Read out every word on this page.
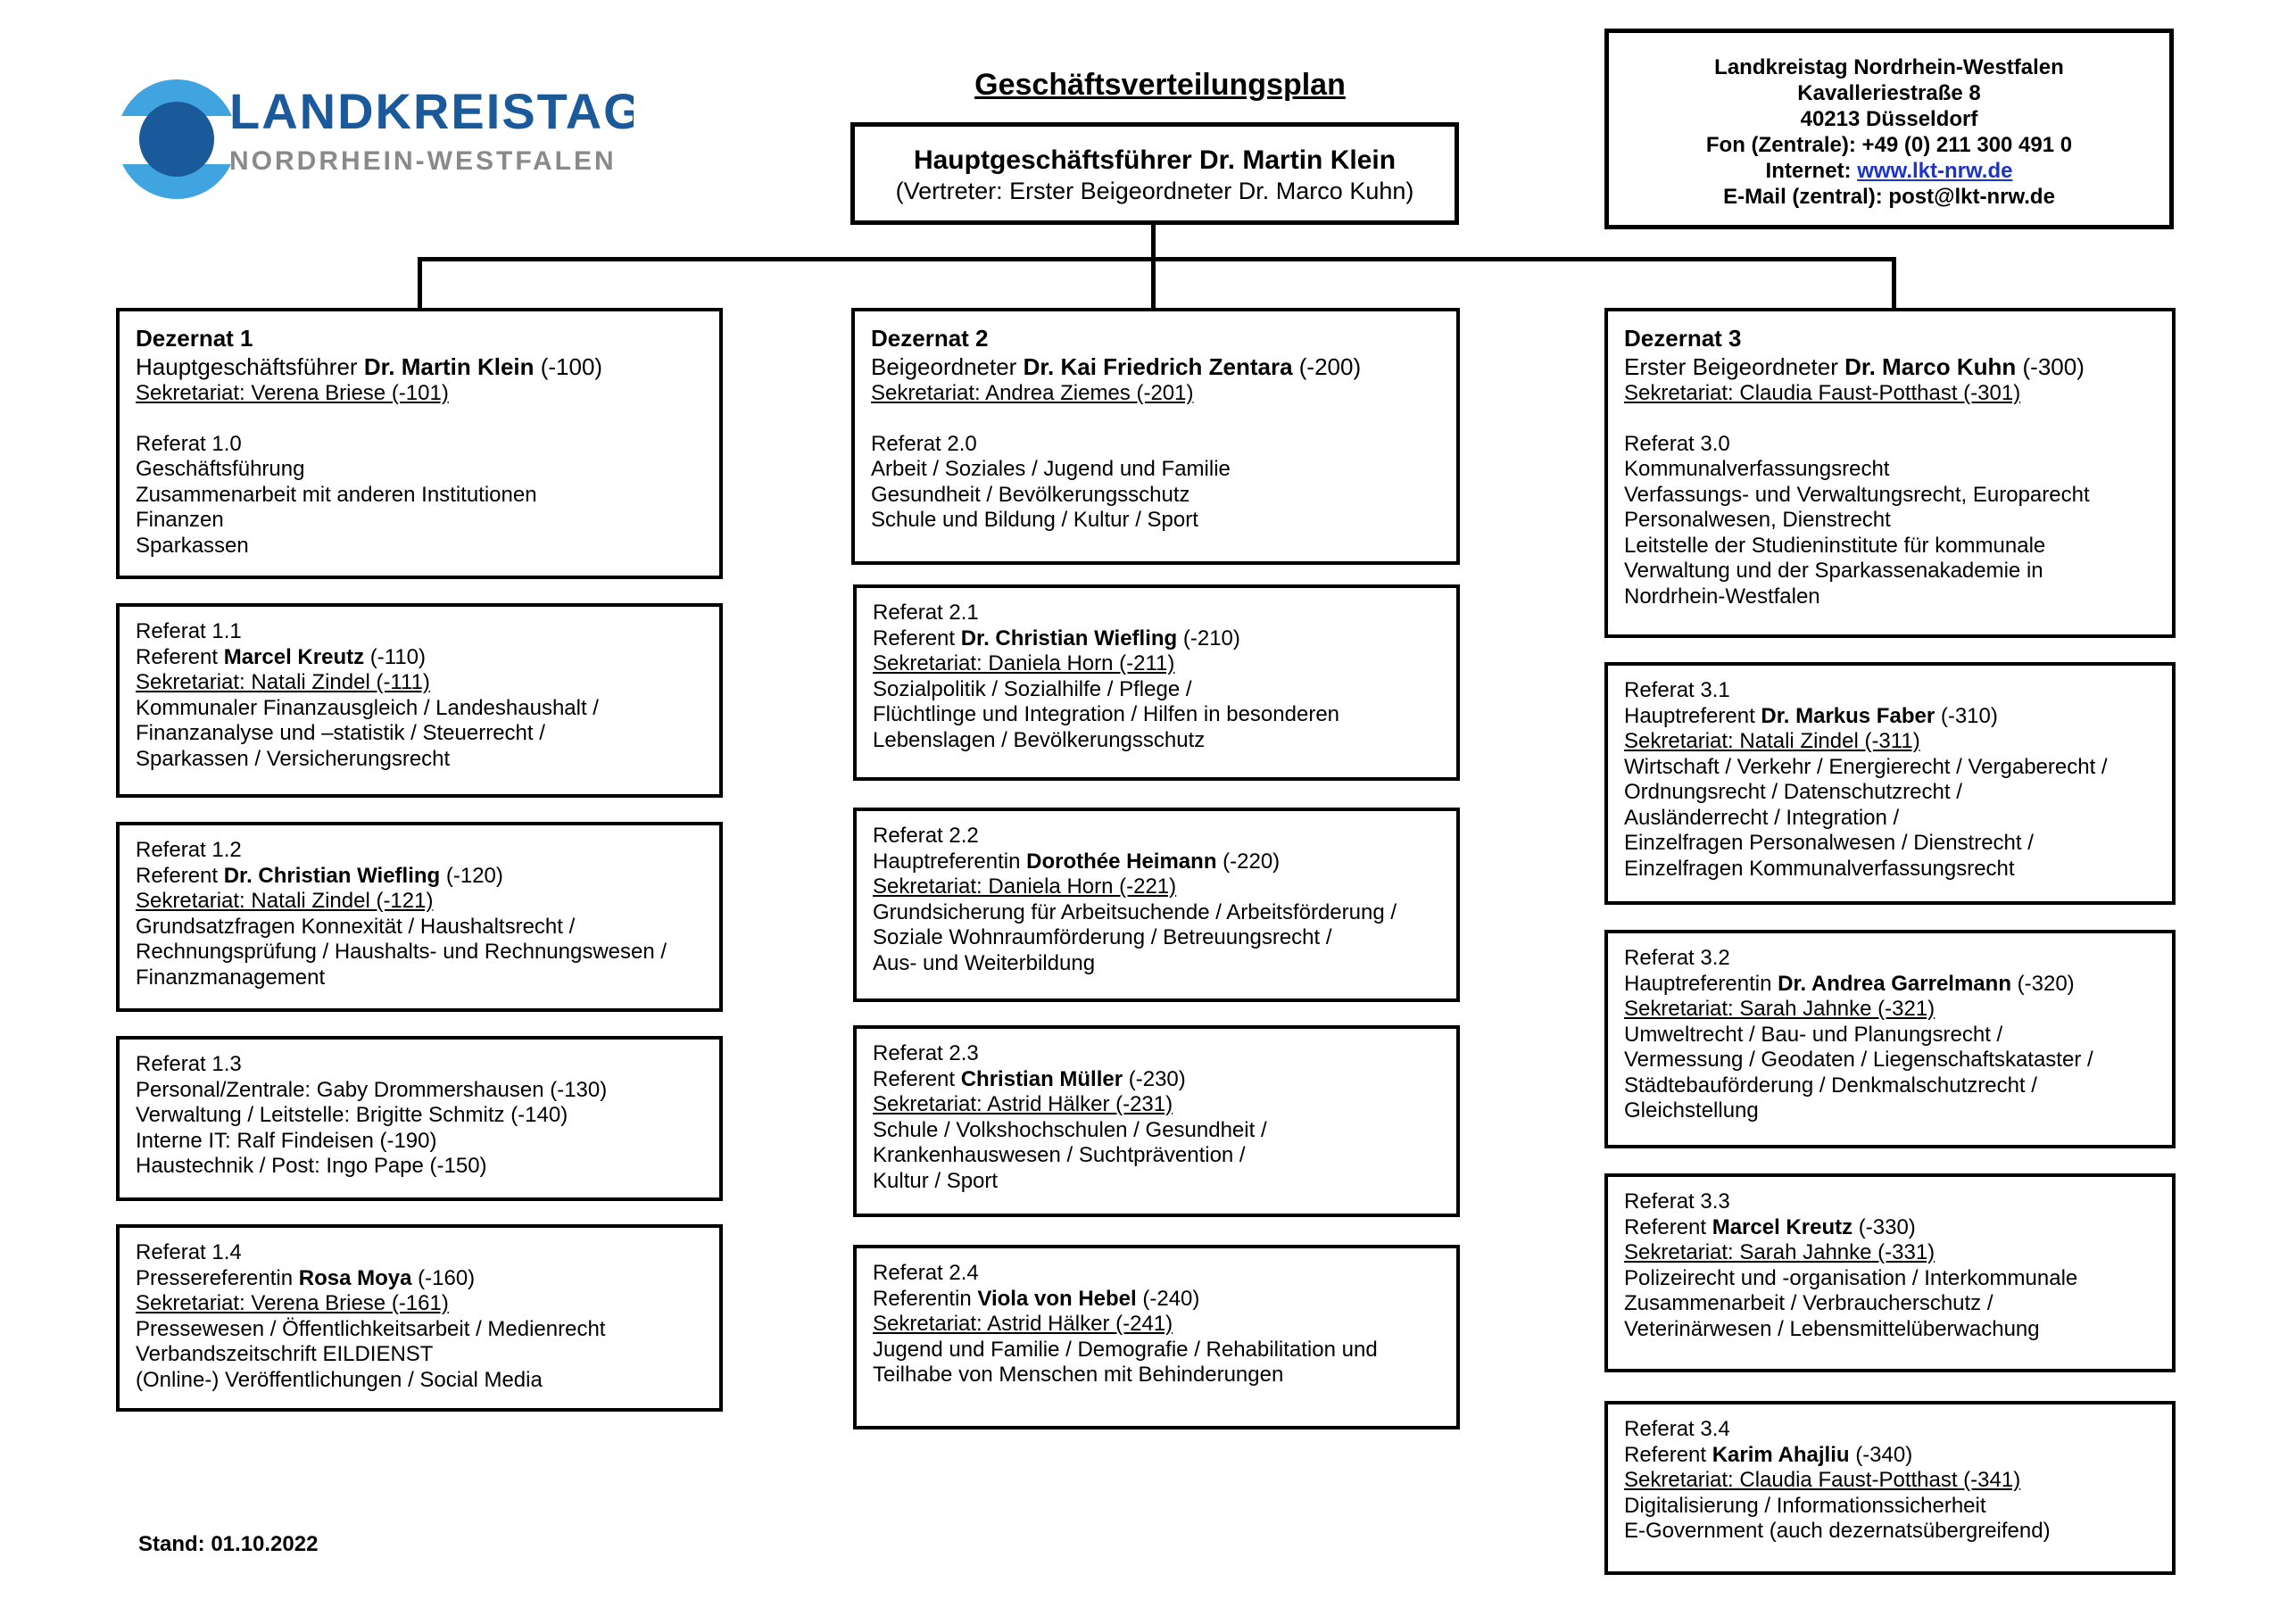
LANDKREISTAG
NORDRHEIN-WESTFALEN
Geschäftsverteilungsplan
Hauptgeschäftsführer Dr. Martin Klein
(Vertreter: Erster Beigeordneter Dr. Marco Kuhn)
Landkreistag Nordrhein-Westfalen
Kavalleriestraße 8
40213 Düsseldorf
Fon (Zentrale): +49 (0) 211 300 491 0
Internet: www.lkt-nrw.de
E-Mail (zentral): post@lkt-nrw.de
Dezernat 1
Hauptgeschäftsführer Dr. Martin Klein (-100)
Sekretariat: Verena Briese (-101)
Referat 1.0
Geschäftsführung
Zusammenarbeit mit anderen Institutionen
Finanzen
Sparkassen
Dezernat 2
Beigeordneter Dr. Kai Friedrich Zentara (-200)
Sekretariat: Andrea Ziemes (-201)
Referat 2.0
Arbeit / Soziales / Jugend und Familie
Gesundheit / Bevölkerungsschutz
Schule und Bildung / Kultur / Sport
Dezernat 3
Erster Beigeordneter Dr. Marco Kuhn (-300)
Sekretariat: Claudia Faust-Potthast (-301)
Referat 3.0
Kommunalverfassungsrecht
Verfassungs- und Verwaltungsrecht, Europarecht
Personalwesen, Dienstrecht
Leitstelle der Studieninstitute für kommunale
Verwaltung und der Sparkassenakademie in
Nordrhein-Westfalen
Referat 1.1
Referent Marcel Kreutz (-110)
Sekretariat: Natali Zindel (-111)
Kommunaler Finanzausgleich / Landeshaushalt /
Finanzanalyse und –statistik / Steuerrecht /
Sparkassen / Versicherungsrecht
Referat 1.2
Referent Dr. Christian Wiefling (-120)
Sekretariat: Natali Zindel (-121)
Grundsatzfragen Konnexität / Haushaltsrecht /
Rechnungsprüfung / Haushalts- und Rechnungswesen /
Finanzmanagement
Referat 1.3
Personal/Zentrale: Gaby Drommershausen (-130)
Verwaltung / Leitstelle: Brigitte Schmitz (-140)
Interne IT: Ralf Findeisen (-190)
Haustechnik / Post: Ingo Pape (-150)
Referat 1.4
Pressereferentin Rosa Moya (-160)
Sekretariat: Verena Briese (-161)
Pressewesen / Öffentlichkeitsarbeit / Medienrecht
Verbandszeitschrift EILDIENST
(Online-) Veröffentlichungen / Social Media
Referat 2.1
Referent Dr. Christian Wiefling (-210)
Sekretariat: Daniela Horn (-211)
Sozialpolitik / Sozialhilfe / Pflege /
Flüchtlinge und Integration / Hilfen in besonderen
Lebenslagen / Bevölkerungsschutz
Referat 2.2
Hauptreferentin Dorothée Heimann (-220)
Sekretariat: Daniela Horn (-221)
Grundsicherung für Arbeitsuchende / Arbeitsförderung /
Soziale Wohnraumförderung / Betreuungsrecht /
Aus- und Weiterbildung
Referat 2.3
Referent Christian Müller (-230)
Sekretariat: Astrid Hälker (-231)
Schule / Volkshochschulen / Gesundheit /
Krankenhauswesen / Suchtprävention /
Kultur / Sport
Referat 2.4
Referentin Viola von Hebel (-240)
Sekretariat: Astrid Hälker (-241)
Jugend und Familie / Demografie / Rehabilitation und
Teilhabe von Menschen mit Behinderungen
Referat 3.1
Hauptreferent Dr. Markus Faber (-310)
Sekretariat: Natali Zindel (-311)
Wirtschaft / Verkehr / Energierecht / Vergaberecht /
Ordnungsrecht / Datenschutzrecht /
Ausländerrecht / Integration /
Einzelfragen Personalwesen / Dienstrecht /
Einzelfragen Kommunalverfassungsrecht
Referat 3.2
Hauptreferentin Dr. Andrea Garrelmann (-320)
Sekretariat: Sarah Jahnke (-321)
Umweltrecht / Bau- und Planungsrecht /
Vermessung / Geodaten / Liegenschaftskataster /
Städtebauförderung / Denkmalschutzrecht /
Gleichstellung
Referat 3.3
Referent Marcel Kreutz (-330)
Sekretariat: Sarah Jahnke (-331)
Polizeirecht und -organisation / Interkommunale
Zusammenarbeit / Verbraucherschutz /
Veterinärwesen / Lebensmittelüberwachung
Referat 3.4
Referent Karim Ahajliu (-340)
Sekretariat: Claudia Faust-Potthast (-341)
Digitalisierung / Informationssicherheit
E-Government (auch dezernatsübergreifend)
Stand: 01.10.2022
